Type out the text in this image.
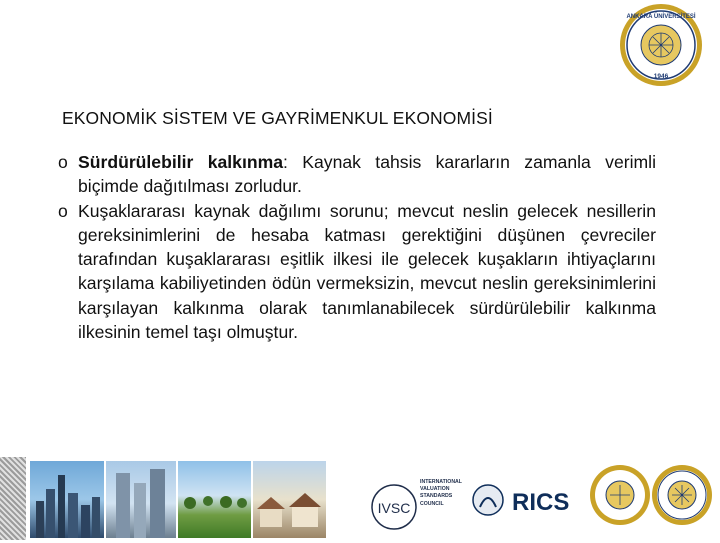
ANKARA ÜNİVERSİTESİ
1946
EKONOMİK SİSTEM VE GAYRİMENKUL EKONOMİSİ
o Sürdürülebilir kalkınma: Kaynak tahsis kararların zamanla verimli biçimde dağıtılması zorludur.
o Kuşaklararası kaynak dağılımı sorunu; mevcut neslin gelecek nesillerin gereksinimlerini de hesaba katması gerektiğini düşünen çevreciler tarafından kuşaklararası eşitlik ilkesi ile gelecek kuşakların ihtiyaçlarını karşılama kabiliyetinden ödün vermeksizin, mevcut neslin gereksinimlerini karşılayan kalkınma olarak tanımlanabilecek sürdürülebilir kalkınma ilkesinin temel taşı olmuştur.
IVSC
INTERNATIONAL
VALUATION
STANDARDS
COUNCIL	RICS
